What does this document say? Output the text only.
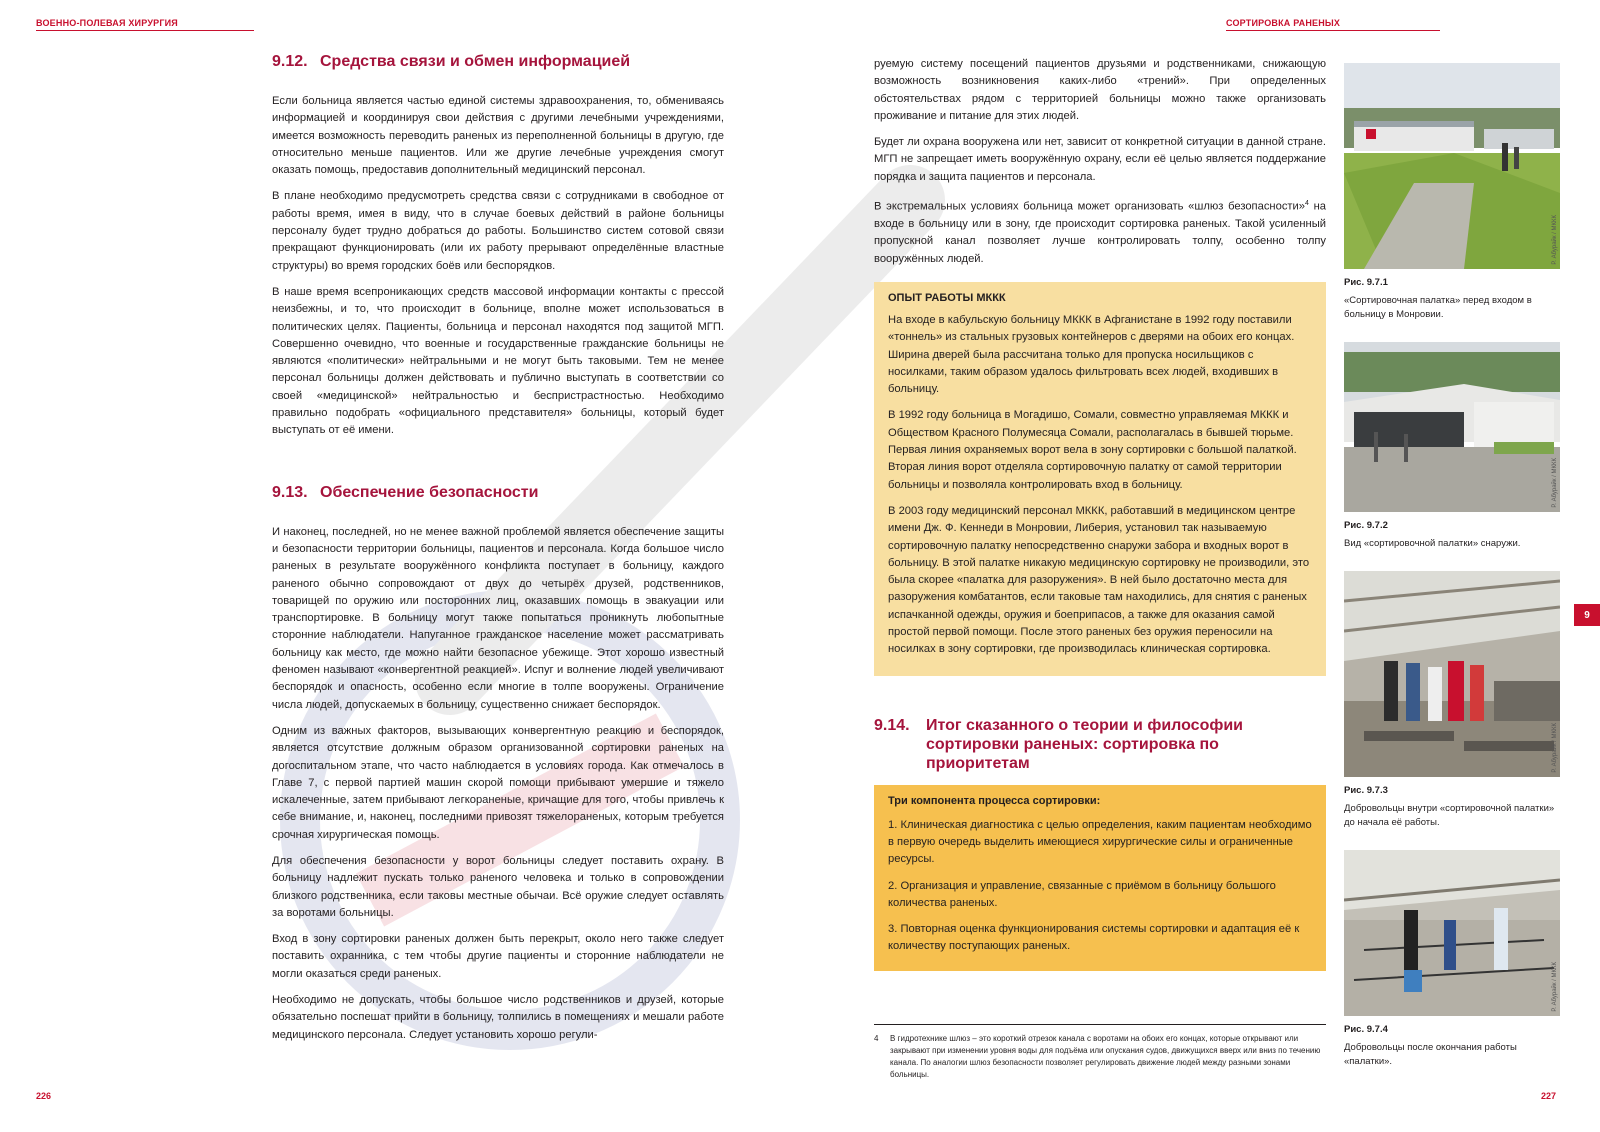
ВОЕННО-ПОЛЕВАЯ ХИРУРГИЯ	СОРТИРОВКА РАНЕНЫХ
9.12. Средства связи и обмен информацией

Если больница является частью единой системы здравоохранения, то, обмениваясь информацией и координируя свои действия с другими лечебными учреждениями, имеется возможность переводить раненых из переполненной больницы в другую, где относительно меньше пациентов. Или же другие лечебные учреждения смогут оказать помощь, предоставив дополнительный медицинский персонал.

В плане необходимо предусмотреть средства связи с сотрудниками в свободное от работы время, имея в виду, что в случае боевых действий в районе больницы персоналу будет трудно добраться до работы. Большинство систем сотовой связи прекращают функционировать (или их работу прерывают определённые властные структуры) во время городских боёв или беспорядков.

В наше время всепроникающих средств массовой информации контакты с прессой неизбежны, и то, что происходит в больнице, вполне может использоваться в политических целях. Пациенты, больница и персонал находятся под защитой МГП. Совершенно очевидно, что военные и государственные гражданские больницы не являются «политически» нейтральными и не могут быть таковыми. Тем не менее персонал больницы должен действовать и публично выступать в соответствии со своей «медицинской» нейтральностью и беспристрастностью. Необходимо правильно подобрать «официального представителя» больницы, который будет выступать от её имени.

9.13. Обеспечение безопасности

И наконец, последней, но не менее важной проблемой является обеспечение защиты и безопасности территории больницы, пациентов и персонала. Когда большое число раненых в результате вооружённого конфликта поступает в больницу, каждого раненого обычно сопровождают от двух до четырёх друзей, родственников, товарищей по оружию или посторонних лиц, оказавших помощь в эвакуации или транспортировке. В больницу могут также попытаться проникнуть любопытные сторонние наблюдатели. Напуганное гражданское население может рассматривать больницу как место, где можно найти безопасное убежище. Этот хорошо известный феномен называют «конвергентной реакцией». Испуг и волнение людей увеличивают беспорядок и опасность, особенно если многие в толпе вооружены. Ограничение числа людей, допускаемых в больницу, существенно снижает беспорядок.

Одним из важных факторов, вызывающих конвергентную реакцию и беспорядок, является отсутствие должным образом организованной сортировки раненых на догоспитальном этапе, что часто наблюдается в условиях города. Как отмечалось в Главе 7, с первой партией машин скорой помощи прибывают умершие и тяжело искалеченные, затем прибывают легкораненые, кричащие для того, чтобы привлечь к себе внимание, и, наконец, последними привозят тяжелораненых, которым требуется срочная хирургическая помощь.

Для обеспечения безопасности у ворот больницы следует поставить охрану. В больницу надлежит пускать только раненого человека и только в сопровождении близкого родственника, если таковы местные обычаи. Всё оружие следует оставлять за воротами больницы.

Вход в зону сортировки раненых должен быть перекрыт, около него также следует поставить охранника, с тем чтобы другие пациенты и сторонние наблюдатели не могли оказаться среди раненых.

Необходимо не допускать, чтобы большое число родственников и друзей, которые обязательно поспешат прийти в больницу, толпились в помещениях и мешали работе медицинского персонала. Следует установить хорошо регули-

руемую систему посещений пациентов друзьями и родственниками, снижающую возможность возникновения каких-либо «трений». При определенных обстоятельствах рядом с территорией больницы можно также организовать проживание и питание для этих людей.

Будет ли охрана вооружена или нет, зависит от конкретной ситуации в данной стране. МГП не запрещает иметь вооружённую охрану, если её целью является поддержание порядка и защита пациентов и персонала.

В экстремальных условиях больница может организовать «шлюз безопасности»$^4$ на входе в больницу или в зону, где происходит сортировка раненых. Такой усиленный пропускной канал позволяет лучше контролировать толпу, особенно толпу вооружённых людей.

ОПЫТ РАБОТЫ МККК

На входе в кабульскую больницу МККК в Афганистане в 1992 году поставили «тоннель» из стальных грузовых контейнеров с дверями на обоих его концах. Ширина дверей была рассчитана только для пропуска носильщиков с носилками, таким образом удалось фильтровать всех людей, входивших в больницу.

В 1992 году больница в Могадишо, Сомали, совместно управляемая МККК и Обществом Красного Полумесяца Сомали, располагалась в бывшей тюрьме. Первая линия охраняемых ворот вела в зону сортировки с большой палаткой. Вторая линия ворот отделяла сортировочную палатку от самой территории больницы и позволяла контролировать вход в больницу.

В 2003 году медицинский персонал МККК, работавший в медицинском центре имени Дж. Ф. Кеннеди в Монровии, Либерия, установил так называемую сортировочную палатку непосредственно снаружи забора и входных ворот в больницу. В этой палатке никакую медицинскую сортировку не производили, это была скорее «палатка для разоружения». В ней было достаточно места для разоружения комбатантов, если таковые там находились, для снятия с раненых испачканной одежды, оружия и боеприпасов, а также для оказания самой простой первой помощи. После этого раненых без оружия переносили на носилках в зону сортировки, где производилась клиническая сортировка.

9.14.	Итог сказанного о теории и философии сортировки раненых: сортировка по приоритетам
Три компонента процесса сортировки:

1. Клиническая диагностика с целью определения, каким пациентам необходимо в первую очередь выделить имеющиеся хирургические силы и ограниченные ресурсы.

2. Организация и управление, связанные с приёмом в больницу большого количества раненых.

3. Повторная оценка функционирования системы сортировки и адаптация её к количеству поступающих раненых.

4	В гидротехнике шлюз – это короткий отрезок канала с воротами на обоих его концах, которые открывают или закрывают при изменении уровня воды для подъёма или опускания судов, движущихся вверх или вниз по течению канала. По аналогии шлюз безопасности позволяет регулировать движение людей между разными зонами больницы.
Р. Абурайк / МККК
Рис. 9.7.1
«Сортировочная палатка» перед входом в больницу в Монровии.
Р. Абурайк / МККК
Рис. 9.7.2
Вид «сортировочной палатки» снаружи.
Р. Абурайк / МККК
Рис. 9.7.3
Добровольцы внутри «сортировочной палатки» до начала её работы.
Р. Абурайк / МККК
Рис. 9.7.4
Добровольцы после окончания работы «палатки».
9
226	227
